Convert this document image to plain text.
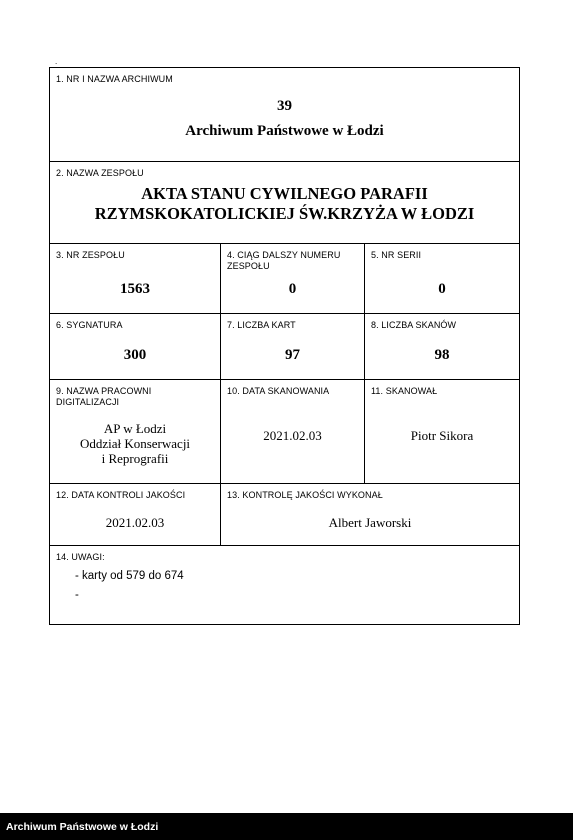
.
1. NR I NAZWA ARCHIWUM
39
Archiwum Państwowe w Łodzi
2. NAZWA ZESPOŁU
AKTA STANU CYWILNEGO PARAFII
RZYMSKOKATOLICKIEJ ŚW.KRZYŻA W ŁODZI
3. NR ZESPOŁU
1563
4. CIĄG DALSZY NUMERU ZESPOŁU
0
5. NR SERII
0
6. SYGNATURA
300
7. LICZBA KART
97
8. LICZBA SKANÓW
98
9. NAZWA PRACOWNI DIGITALIZACJI
AP w Łodzi
Oddział Konserwacji
i Reprografii
10. DATA SKANOWANIA
2021.02.03
11. SKANOWAŁ
Piotr Sikora
12. DATA KONTROLI JAKOŚCI
2021.02.03
13. KONTROLĘ JAKOŚCI WYKONAŁ
Albert Jaworski
14. UWAGI:
- karty od 579 do 674
-
Archiwum Państwowe w Łodzi
